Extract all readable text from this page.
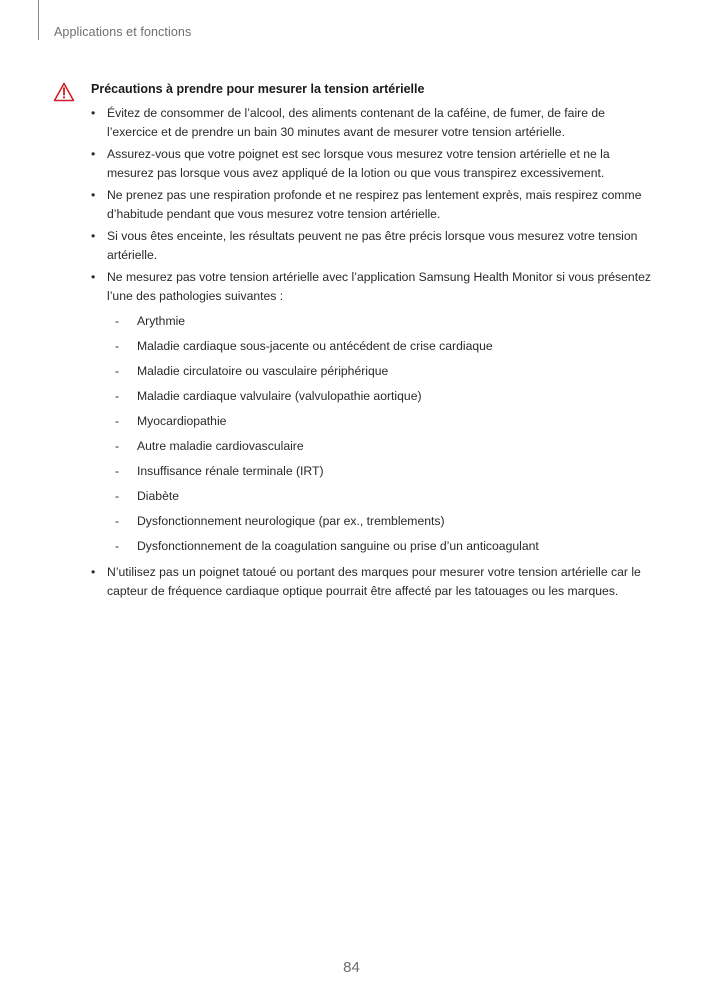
Applications et fonctions
Précautions à prendre pour mesurer la tension artérielle
• Évitez de consommer de l’alcool, des aliments contenant de la caféine, de fumer, de faire de l’exercice et de prendre un bain 30 minutes avant de mesurer votre tension artérielle.
• Assurez-vous que votre poignet est sec lorsque vous mesurez votre tension artérielle et ne la mesurez pas lorsque vous avez appliqué de la lotion ou que vous transpirez excessivement.
• Ne prenez pas une respiration profonde et ne respirez pas lentement exprès, mais respirez comme d’habitude pendant que vous mesurez votre tension artérielle.
• Si vous êtes enceinte, les résultats peuvent ne pas être précis lorsque vous mesurez votre tension artérielle.
• Ne mesurez pas votre tension artérielle avec l’application Samsung Health Monitor si vous présentez l’une des pathologies suivantes :
- Arythmie
- Maladie cardiaque sous-jacente ou antécédent de crise cardiaque
- Maladie circulatoire ou vasculaire périphérique
- Maladie cardiaque valvulaire (valvulopathie aortique)
- Myocardiopathie
- Autre maladie cardiovasculaire
- Insuffisance rénale terminale (IRT)
- Diabète
- Dysfonctionnement neurologique (par ex., tremblements)
- Dysfonctionnement de la coagulation sanguine ou prise d’un anticoagulant
• N’utilisez pas un poignet tatoué ou portant des marques pour mesurer votre tension artérielle car le capteur de fréquence cardiaque optique pourrait être affecté par les tatouages ou les marques.
84
